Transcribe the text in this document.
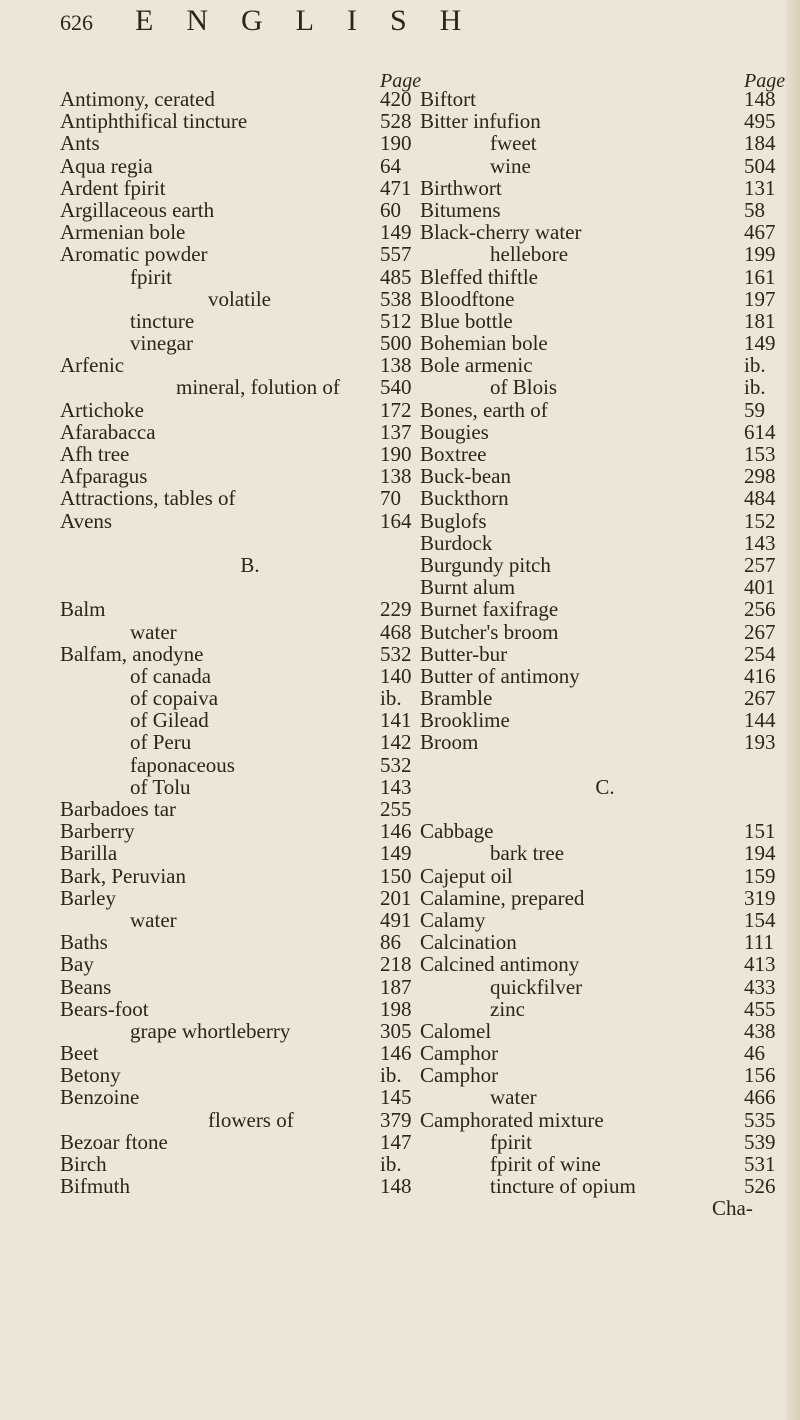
626 ENGLISH
Page	Page
Antimony, cerated	420
Antiphthifical tincture	528
Ants	190
Aqua regia	64
Ardent fpirit	471
Argillaceous earth	60
Armenian bole	149
Aromatic powder	557
fpirit	485
volatile	538
tincture	512
vinegar	500
Arfenic	138
mineral, folution of 540
Artichoke	172
Afarabacca	137
Afh tree	190
Afparagus	138
Attractions, tables of	70
Avens	164
B.
Balm	229
water	468
Balfam, anodyne	532
of canada	140
of copaiva	ib.
of Gilead	141
of Peru	142
faponaceous	532
of Tolu	143
Barbadoes tar	255
Barberry	146
Barilla	149
Bark, Peruvian	150
Barley	201
water	491
Baths	86
Bay	218
Beans	187
Bears-foot	198
grape whortleberry	305
Beet	146
Betony	ib.
Benzoine	145
flowers of	379
Bezoar ftone	147
Birch	ib.
Bifmuth	148
Biftort	148
Bitter infufion	495
fweet	184
wine	504
Birthwort	131
Bitumens	58
Black-cherry water	467
hellebore	199
Bleffed thiftle	161
Bloodftone	197
Blue bottle	181
Bohemian bole	149
Bole armenic	ib.
of Blois	ib.
Bones, earth of	59
Bougies	614
Boxtree	153
Buck-bean	298
Buckthorn	484
Buglofs	152
Burdock	143
Burgundy pitch	257
Burnt alum	401
Burnet faxifrage	256
Butcher's broom	267
Butter-bur	254
Butter of antimony	416
Bramble	267
Brooklime	144
Broom	193
C.
Cabbage	151
bark tree	194
Cajeput oil	159
Calamine, prepared	319
Calamy	154
Calcination	111
Calcined antimony	413
quickfilver	433
zinc	455
Calomel	438
Camphor	46
Camphor	156
water	466
Camphorated mixture	535
fpirit	539
fpirit of wine	531
tincture of opium	526
Cha-
